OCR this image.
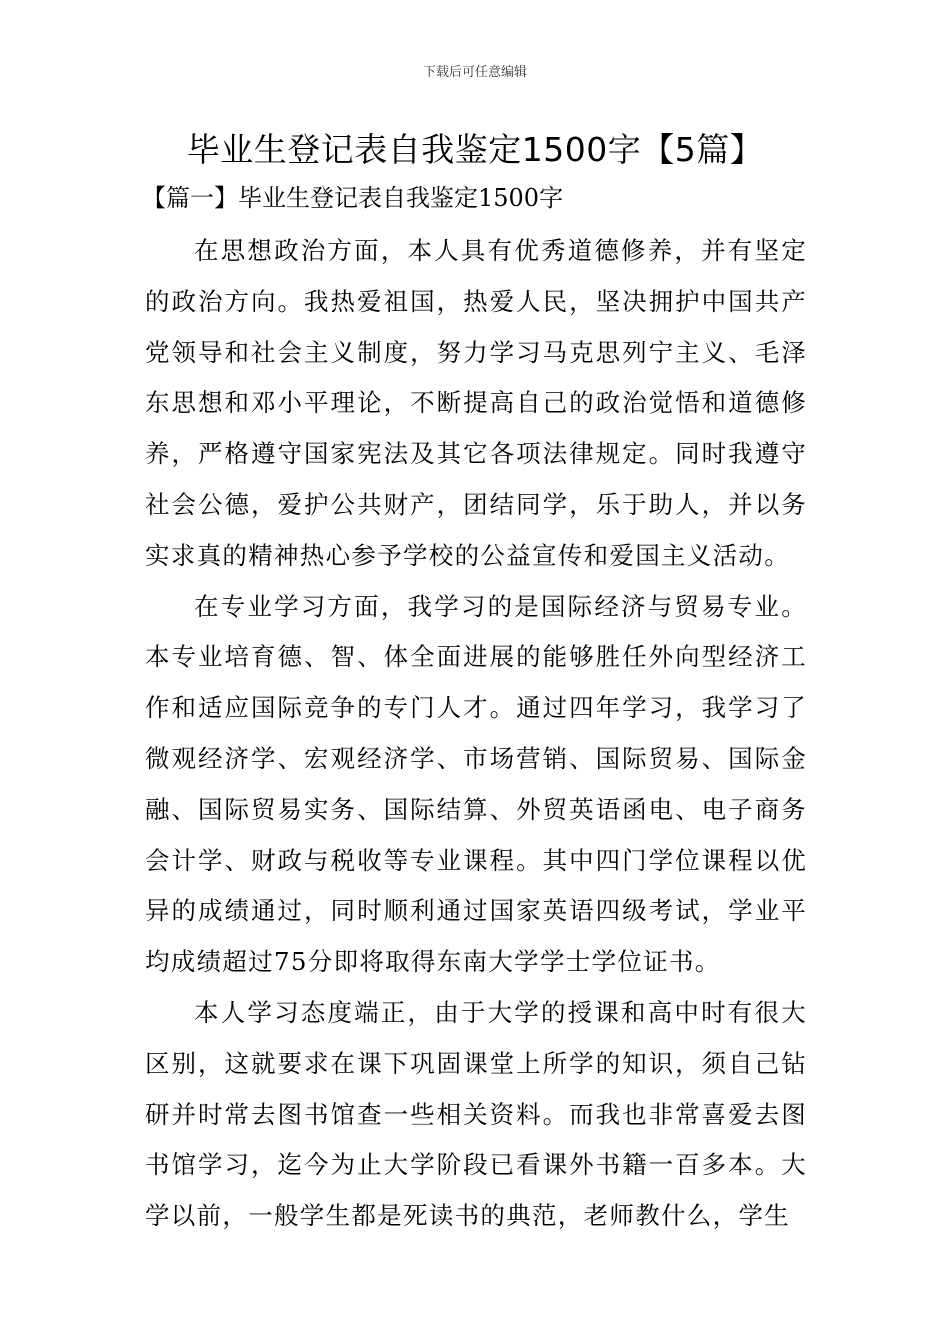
下载后可任意编辑
毕业生登记表自我鉴定1500字【5篇】
【篇一】毕业生登记表自我鉴定1500字

在思想政治方面，本人具有优秀道德修养，并有坚定的政治方向。我热爱祖国，热爱人民，坚决拥护中国共产党领导和社会主义制度，努力学习马克思列宁主义、毛泽东思想和邓小平理论，不断提高自己的政治觉悟和道德修养，严格遵守国家宪法及其它各项法律规定。同时我遵守社会公德，爱护公共财产，团结同学，乐于助人，并以务实求真的精神热心参予学校的公益宣传和爱国主义活动。

在专业学习方面，我学习的是国际经济与贸易专业。本专业培育德、智、体全面进展的能够胜任外向型经济工作和适应国际竞争的专门人才。通过四年学习，我学习了微观经济学、宏观经济学、市场营销、国际贸易、国际金融、国际贸易实务、国际结算、外贸英语函电、电子商务会计学、财政与税收等专业课程。其中四门学位课程以优异的成绩通过，同时顺利通过国家英语四级考试，学业平均成绩超过75分即将取得东南大学学士学位证书。

本人学习态度端正，由于大学的授课和高中时有很大区别，这就要求在课下巩固课堂上所学的知识，须自己钻研并时常去图书馆查一些相关资料。而我也非常喜爱去图书馆学习，迄今为止大学阶段已看课外书籍一百多本。大学以前，一般学生都是死读书的典范，老师教什么，学生
